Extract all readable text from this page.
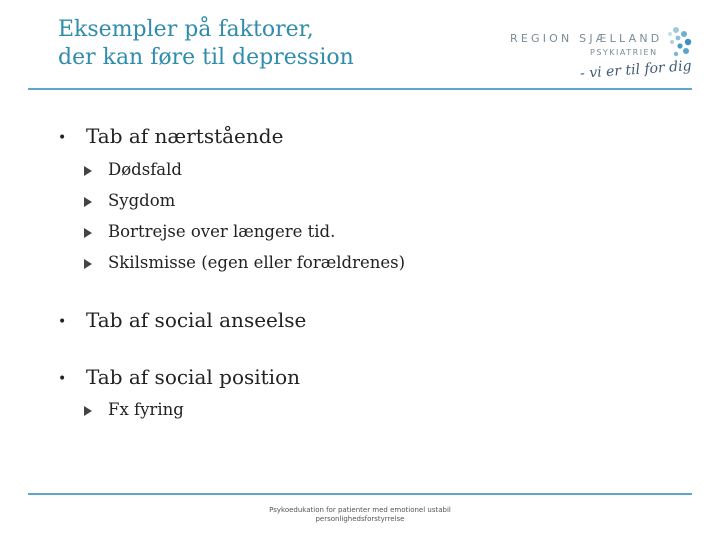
Eksempler på faktorer,
der kan føre til depression
REGION SJÆLLAND
PSYKIATRIEN
- vi er til for dig
• Tab af nærtstående
Dødsfald
Sygdom
Bortrejse over længere tid.
Skilsmisse (egen eller forældrenes)
• Tab af social anseelse
• Tab af social position
Fx fyring
Psykoedukation for patienter med emotionel ustabil
personlighedsforstyrrelse
